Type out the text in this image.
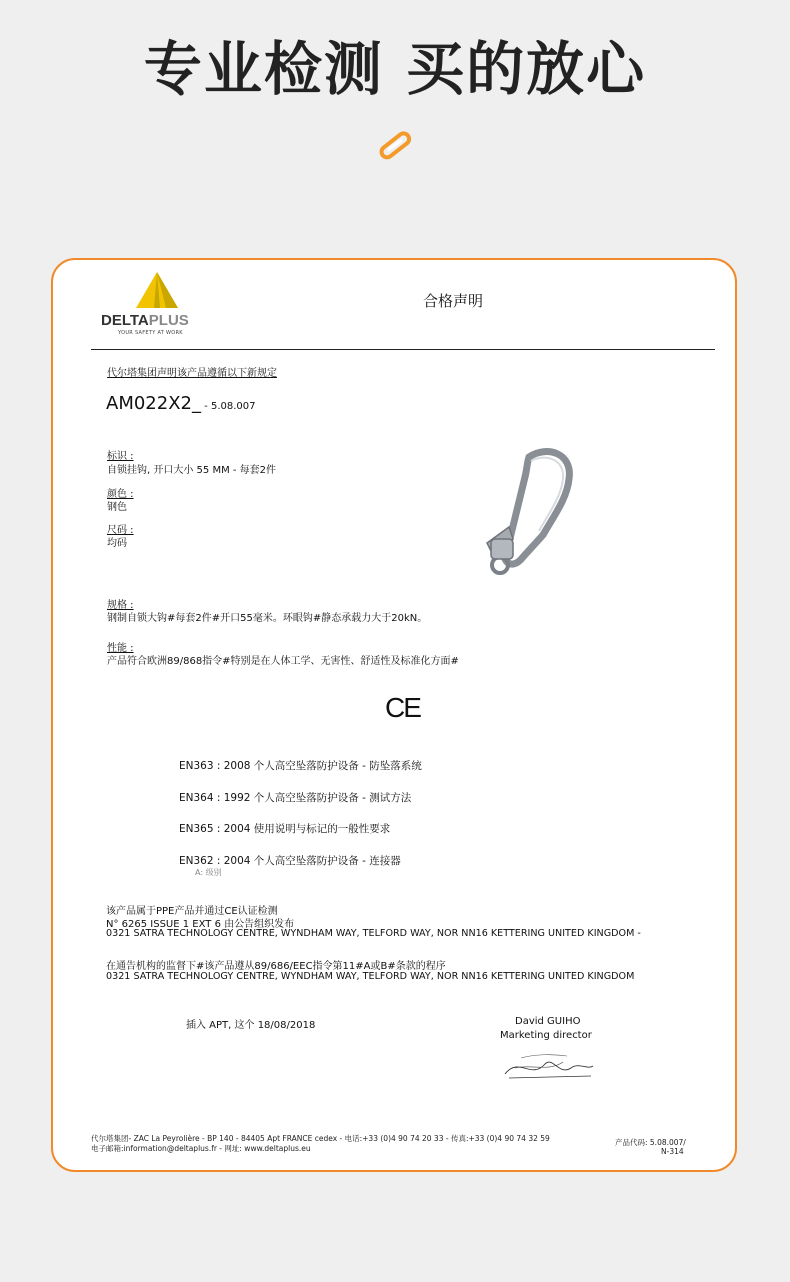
专业检测 买的放心
DELTAPLUS
YOUR SAFETY AT WORK
合格声明
代尔塔集团声明该产品遵循以下新规定
AM022X2_ - 5.08.007
标识 :
自锁挂钩, 开口大小 55 MM - 每套2件
颜色 :
钢色
尺码 :
均码
规格 :
钢制自锁大钩#每套2件#开口55毫米。环眼钩#静态承载力大于20kN。
性能 :
产品符合欧洲89/868指令#特别是在人体工学、无害性、舒适性及标准化方面#
CE
EN363 : 2008 个人高空坠落防护设备 - 防坠落系统
EN364 : 1992 个人高空坠落防护设备 - 测试方法
EN365 : 2004 使用说明与标记的一般性要求
EN362 : 2004 个人高空坠落防护设备 - 连接器
A: 级别
该产品属于PPE产品并通过CE认证检测
N° 6265 ISSUE 1 EXT 6 由公告组织发布
0321 SATRA TECHNOLOGY CENTRE, WYNDHAM WAY, TELFORD WAY, NOR NN16 KETTERING UNITED KINGDOM -
在通告机构的监督下#该产品遵从89/686/EEC指令第11#A或B#条款的程序
0321 SATRA TECHNOLOGY CENTRE, WYNDHAM WAY, TELFORD WAY, NOR NN16 KETTERING UNITED KINGDOM
插入 APT, 这个 18/08/2018	David GUIHO
Marketing director
代尔塔集团- ZAC La Peyrolière - BP 140 - 84405 Apt FRANCE cedex - 电话:+33 (0)4 90 74 20 33 - 传真:+33 (0)4 90 74 32 59
电子邮箱:information@deltaplus.fr - 网址: www.deltaplus.eu
产品代码: 5.08.007/
N-314
